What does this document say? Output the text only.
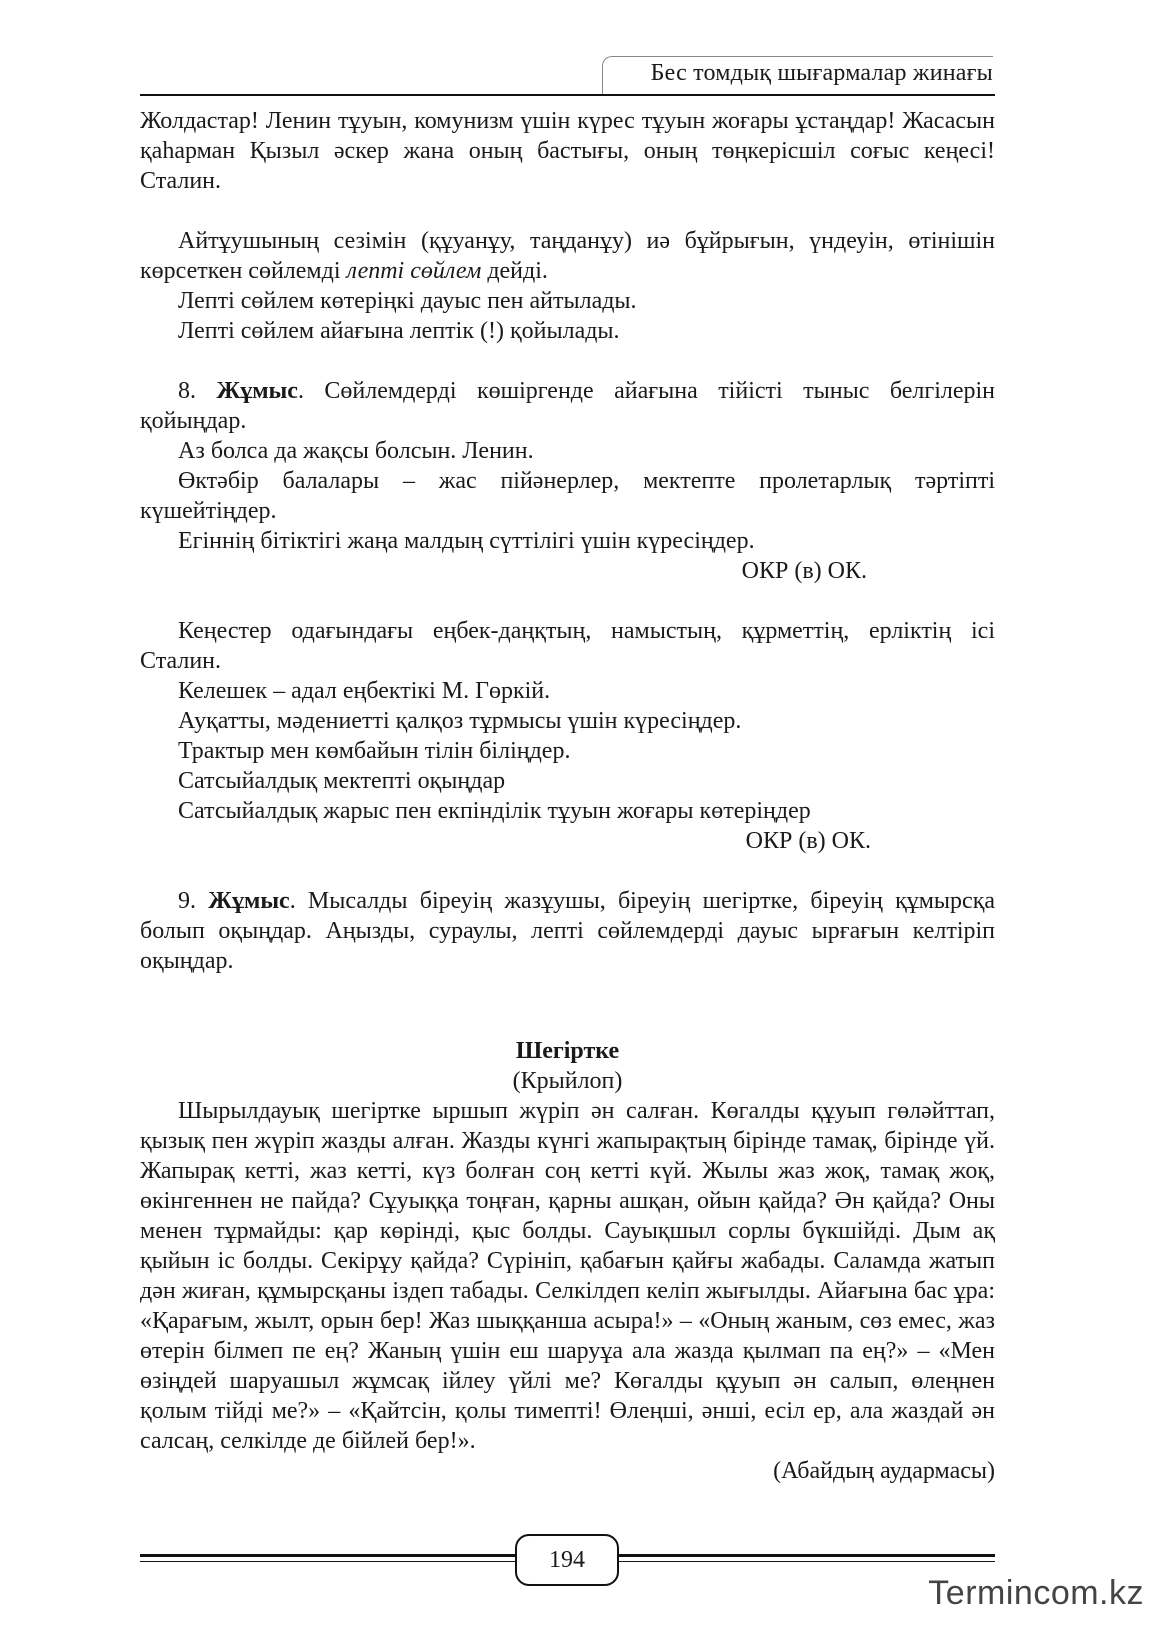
Бес томдық шығармалар жинағы

Жолдастар! Ленин тұуын, комунизм үшін күрес тұуын жоғары ұстаңдар! Жасасын қаһарман Қызыл әскер жана оның бастығы, оның төңкерісшіл соғыс кеңесі! Сталин.

Айтұушының сезімін (құуанұу, таңданұу) иә бұйрығын, үндеуін, өтінішін көрсеткен сөйлемді лепті сөйлем дейді.

Лепті сөйлем көтеріңкі дауыс пен айтылады.

Лепті сөйлем айағына лептік (!) қойылады.

8. Жұмыс. Сөйлемдерді көшіргенде айағына тійісті тыныс белгілерін қойыңдар.

Аз болса да жақсы болсын. Ленин.

Өктәбір балалары – жас пійәнерлер, мектепте пролетарлық тәртіпті күшейтіңдер.

Егіннің бітіктігі жаңа малдың сүттілігі үшін күресіңдер.

ОКР (в) ОК.

Кеңестер одағындағы еңбек-даңқтың, намыстың, құрметтің, ерліктің ісі Сталин.

Келешек – адал еңбектікі М. Гөркій.

Ауқатты, мәдениетті қалқоз тұрмысы үшін күресіңдер.

Трактыр мен көмбайын тілін біліңдер.

Сатсыйалдық мектепті оқыңдар

Сатсыйалдық жарыс пен екпінділік тұуын жоғары көтеріңдер

ОКР (в) ОК.

9. Жұмыс. Мысалды біреуің жазұушы, біреуің шегіртке, біреуің құмырсқа болып оқыңдар. Аңызды, сураулы, лепті сөйлемдерді дауыс ырғағын келтіріп оқыңдар.

Шегіртке

(Крыйлоп)

Шырылдауық шегіртке ыршып жүріп ән салған. Көгалды құуып гөләйттап, қызық пен жүріп жазды алған. Жазды күнгі жапырақтың бірінде тамақ, бірінде үй. Жапырақ кетті, жаз кетті, күз болған соң кетті күй. Жылы жаз жоқ, тамақ жоқ, өкінгеннен не пайда? Сұуыққа тоңған, қарны ашқан, ойын қайда? Ән қайда? Оны менен тұрмайды: қар көрінді, қыс болды. Сауықшыл сорлы бүкшійді. Дым ақ қыйын іс болды. Секірұу қайда? Сүрініп, қабағын қайғы жабады. Саламда жатып дән жиған, құмырсқаны іздеп табады. Селкілдеп келіп жығылды. Айағына бас ұра: «Қарағым, жылт, орын бер! Жаз шыққанша асыра!» – «Оның жаным, сөз емес, жаз өтерін білмеп пе ең? Жаның үшін еш шаруұа ала жазда қылмап па ең?» – «Мен өзіңдей шаруашыл жұмсақ ійлеу үйлі ме? Көгалды құуып ән салып, өлеңнен қолым тійді ме?» – «Қайтсін, қолы тимепті! Өлеңші, әнші, есіл ер, ала жаздай ән салсаң, селкілде де бійлей бер!».

(Абайдың аудармасы)

194
Termincom.kz
